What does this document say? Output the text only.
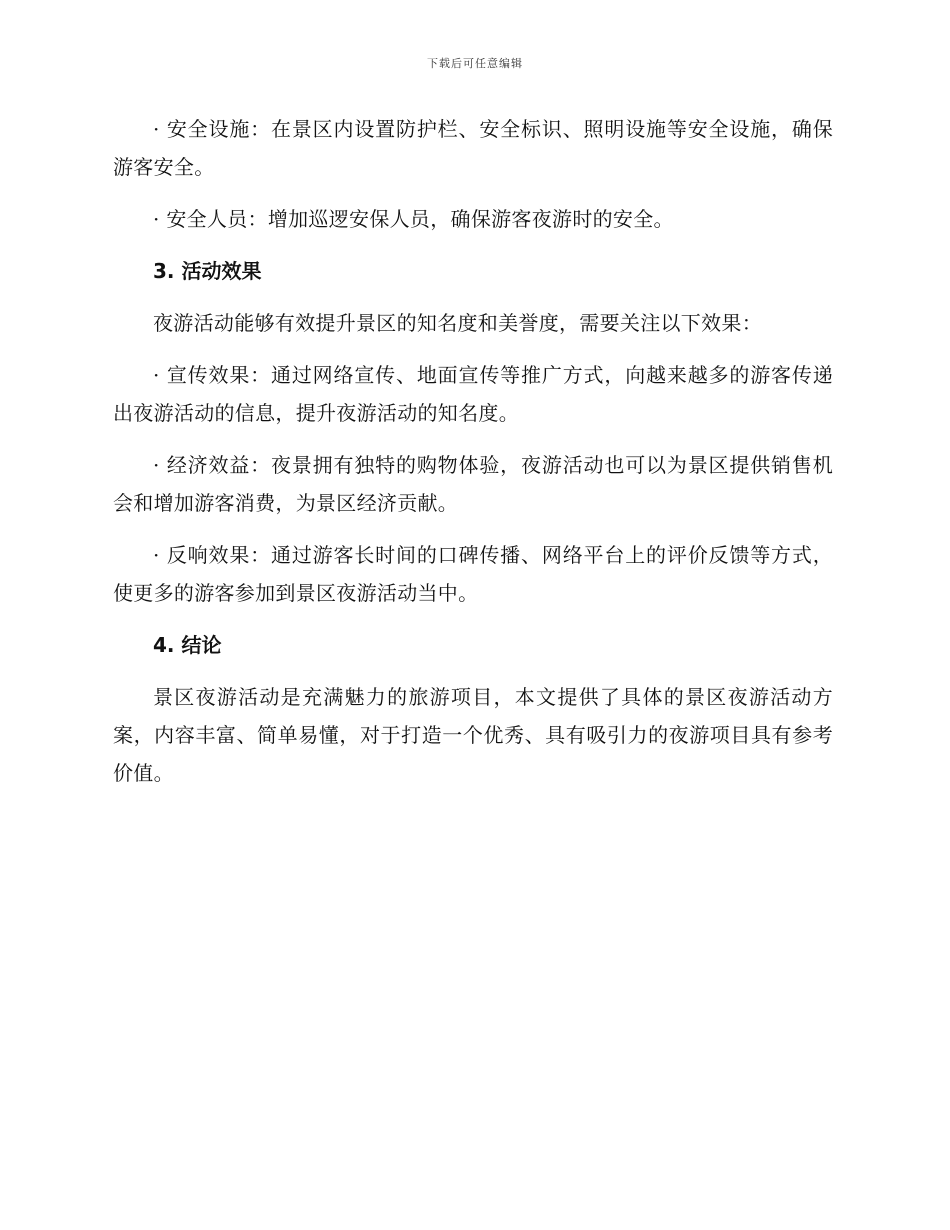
下载后可任意编辑

· 安全设施：在景区内设置防护栏、安全标识、照明设施等安全设施，确保游客安全。

· 安全人员：增加巡逻安保人员，确保游客夜游时的安全。

3. 活动效果

夜游活动能够有效提升景区的知名度和美誉度，需要关注以下效果：

· 宣传效果：通过网络宣传、地面宣传等推广方式，向越来越多的游客传递出夜游活动的信息，提升夜游活动的知名度。

· 经济效益：夜景拥有独特的购物体验，夜游活动也可以为景区提供销售机会和增加游客消费，为景区经济贡献。

· 反响效果：通过游客长时间的口碑传播、网络平台上的评价反馈等方式，使更多的游客参加到景区夜游活动当中。

4. 结论

景区夜游活动是充满魅力的旅游项目，本文提供了具体的景区夜游活动方案，内容丰富、简单易懂，对于打造一个优秀、具有吸引力的夜游项目具有参考价值。
